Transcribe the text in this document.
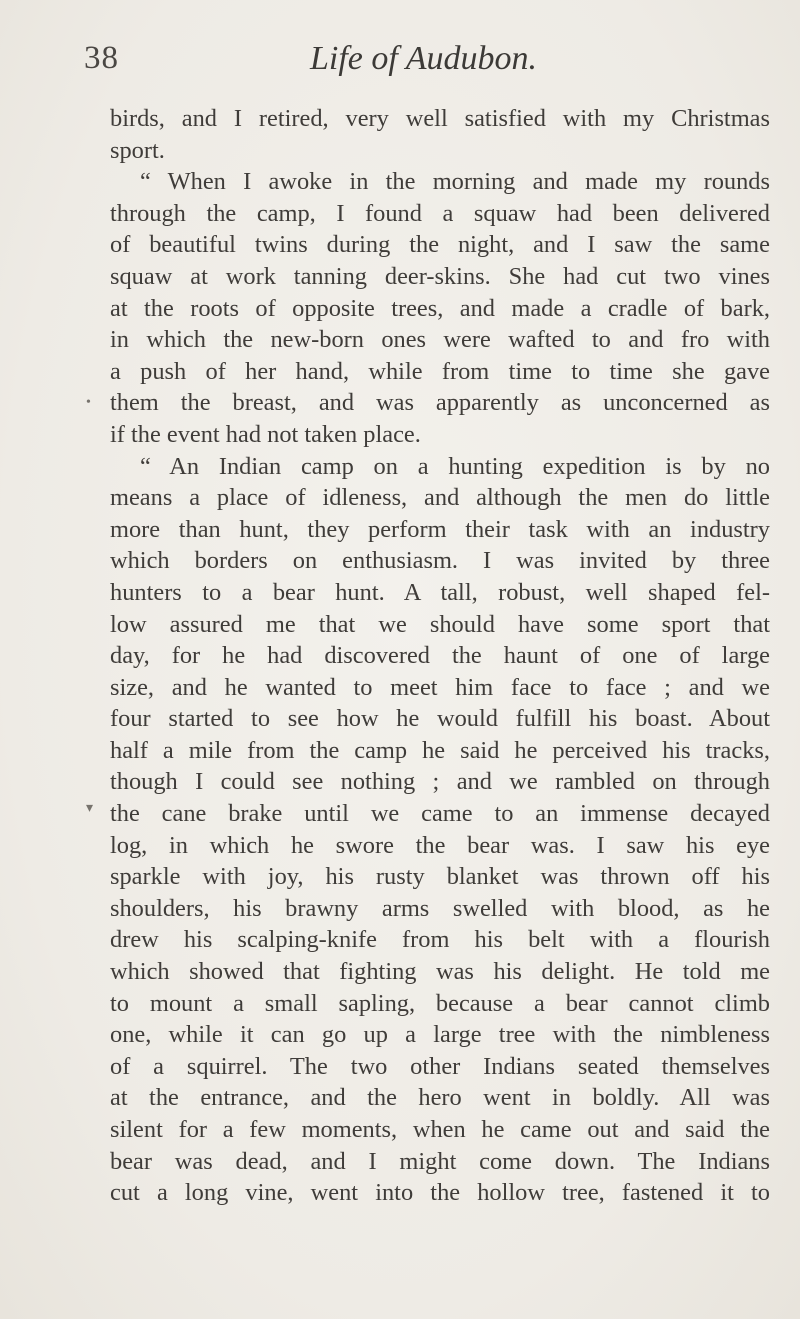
38	Life of Audubon.
•
▾
birds, and I retired, very well satisfied with my Christmas
sport.
“ When I awoke in the morning and made my rounds
through the camp, I found a squaw had been delivered
of beautiful twins during the night, and I saw the same
squaw at work tanning deer-skins. She had cut two vines
at the roots of opposite trees, and made a cradle of bark,
in which the new-born ones were wafted to and fro with
a push of her hand, while from time to time she gave
them the breast, and was apparently as unconcerned as
if the event had not taken place.
“ An Indian camp on a hunting expedition is by no
means a place of idleness, and although the men do little
more than hunt, they perform their task with an industry
which borders on enthusiasm. I was invited by three
hunters to a bear hunt. A tall, robust, well shaped fel-
low assured me that we should have some sport that
day, for he had discovered the haunt of one of large
size, and he wanted to meet him face to face ; and we
four started to see how he would fulfill his boast. About
half a mile from the camp he said he perceived his tracks,
though I could see nothing ; and we rambled on through
the cane brake until we came to an immense decayed
log, in which he swore the bear was. I saw his eye
sparkle with joy, his rusty blanket was thrown off his
shoulders, his brawny arms swelled with blood, as he
drew his scalping-knife from his belt with a flourish
which showed that fighting was his delight. He told me
to mount a small sapling, because a bear cannot climb
one, while it can go up a large tree with the nimbleness
of a squirrel. The two other Indians seated themselves
at the entrance, and the hero went in boldly. All was
silent for a few moments, when he came out and said the
bear was dead, and I might come down. The Indians
cut a long vine, went into the hollow tree, fastened it to
